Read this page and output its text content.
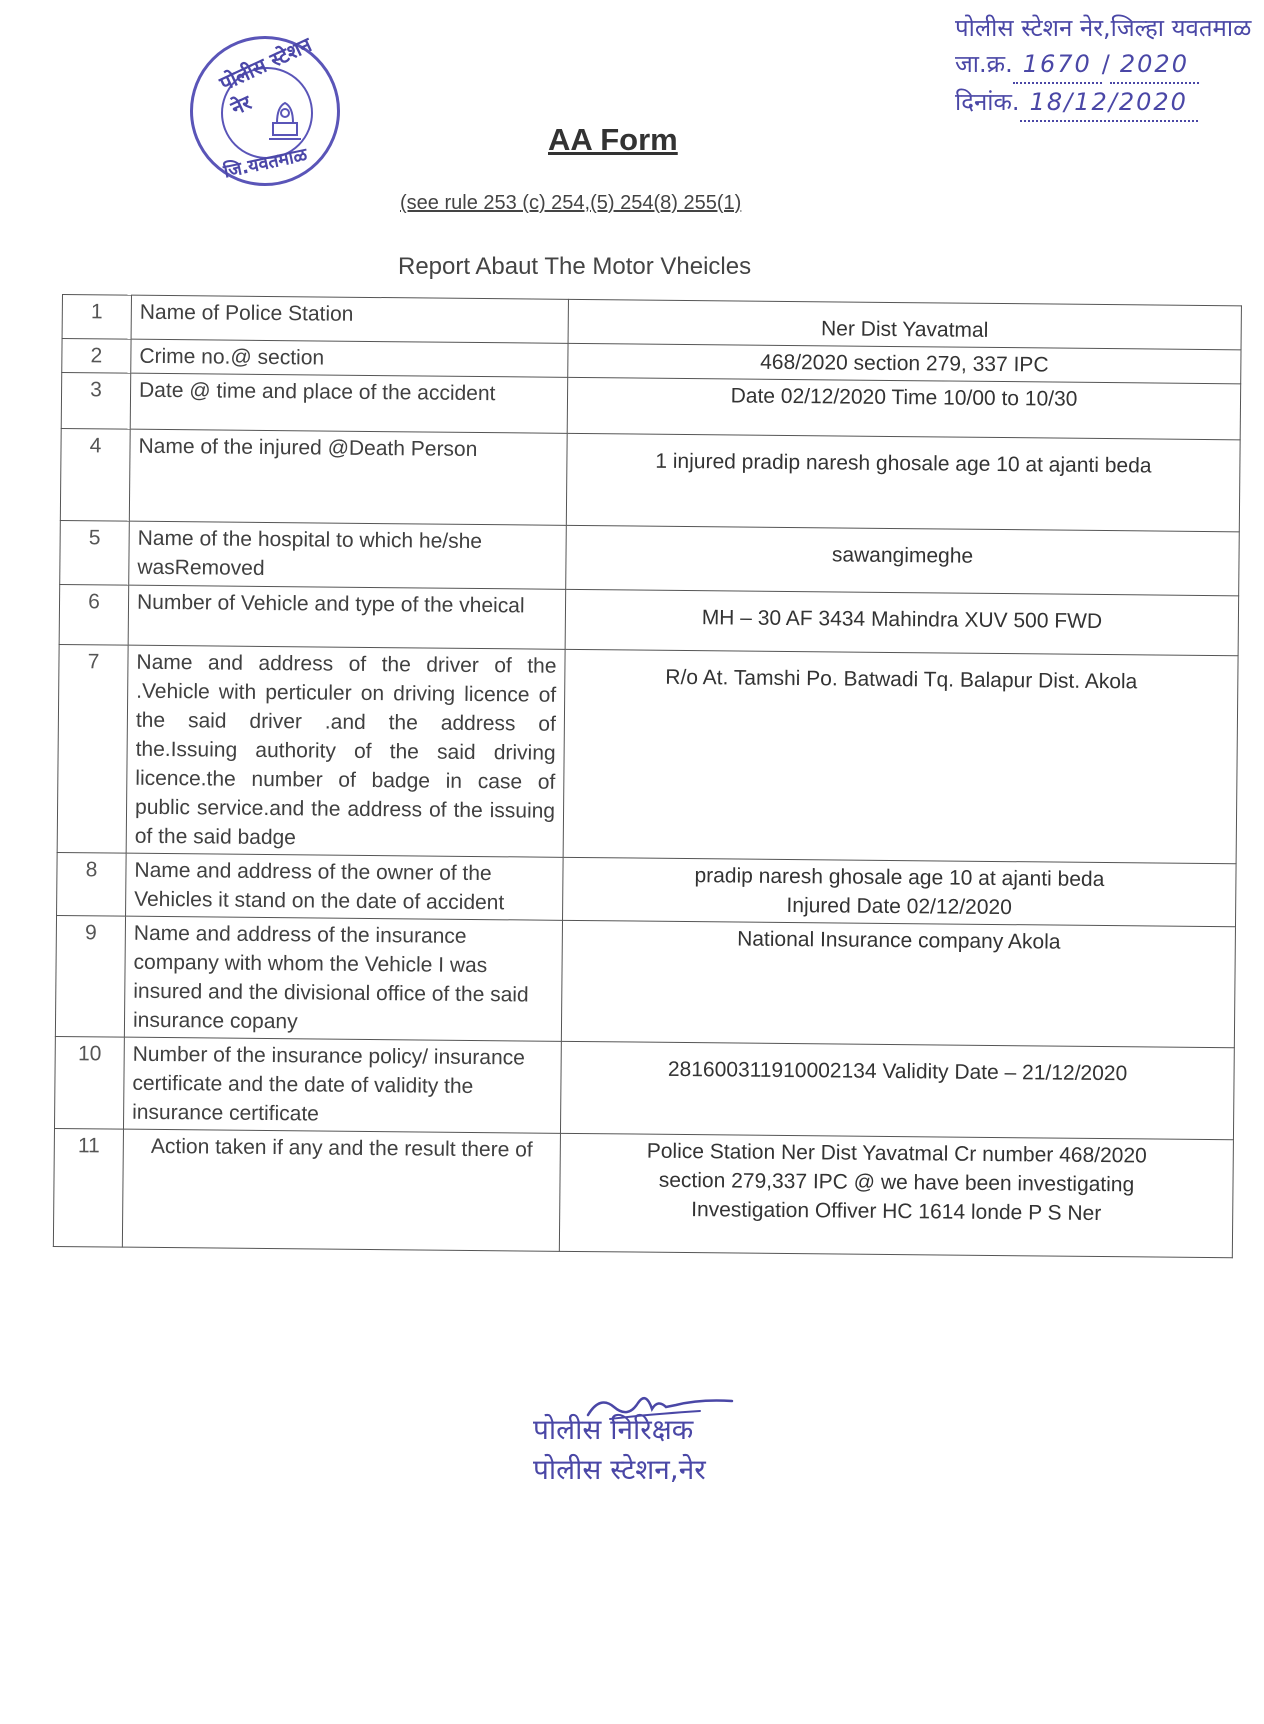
पोलीस स्टेशन नेर
जि.यवतमाळ
पोलीस स्टेशन नेर,जिल्हा यवतमाळ
जा.क्र. 1670 / 2020
दिनांक. 18/12/2020
AA Form
(see rule 253 (c) 254,(5) 254(8) 255(1)
Report Abaut The Motor Vheicles
1	Name of Police Station	Ner Dist Yavatmal
2	Crime no.@ section	468/2020 section 279, 337 IPC
3	Date @ time and place of the accident	Date 02/12/2020 Time 10/00 to 10/30
4	Name of the injured @Death Person	1 injured pradip naresh ghosale age 10 at ajanti beda
5	Name of the hospital to which he/she wasRemoved	sawangimeghe
6	Number of Vehicle and type of the vheical	MH – 30 AF 3434 Mahindra XUV 500 FWD
7	Name and address of the driver of the .Vehicle with perticuler on driving licence of the said driver .and the address of the.Issuing authority of the said driving licence.the number of badge in case of public service.and the address of the issuing of the said badge	R/o At. Tamshi Po. Batwadi Tq. Balapur Dist. Akola
8	Name and address of the owner of the Vehicles it stand on the date of accident	pradip naresh ghosale age 10 at ajanti beda
Injured Date 02/12/2020

9	Name and address of the insurance company with whom the Vehicle I was insured and the divisional office of the said insurance copany	National Insurance company Akola
10	Number of the insurance policy/ insurance certificate and the date of validity the insurance certificate	281600311910002134 Validity Date – 21/12/2020
11	Action taken if any and the result there of	Police Station Ner Dist Yavatmal Cr number 468/2020
section 279,337 IPC @ we have been investigating
Investigation Offiver HC 1614 londe P S Ner
पोलीस निरिक्षक
पोलीस स्टेशन,नेर
